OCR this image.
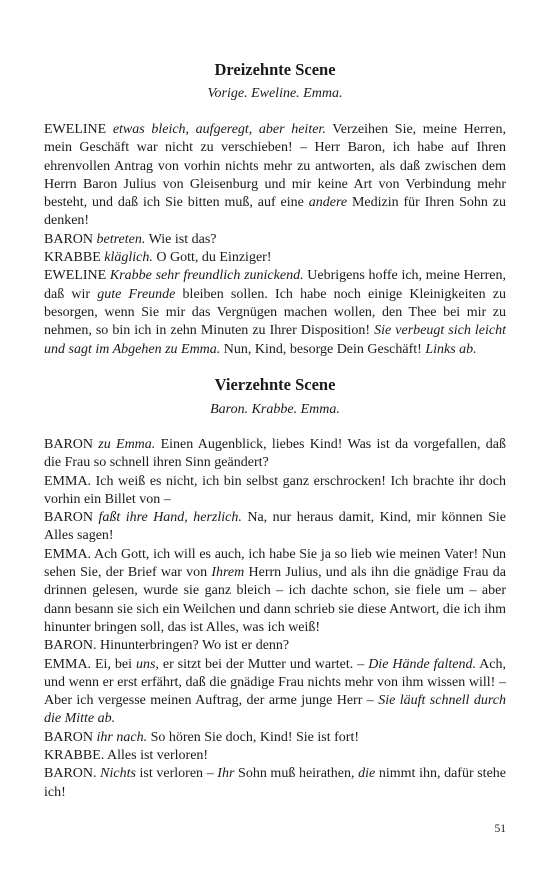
Dreizehnte Scene
Vorige. Eweline. Emma.

EWELINE etwas bleich, aufgeregt, aber heiter. Verzeihen Sie, meine Herren, mein Geschäft war nicht zu verschieben! – Herr Baron, ich habe auf Ihren ehrenvollen Antrag von vorhin nichts mehr zu antworten, als daß zwischen dem Herrn Baron Julius von Gleisenburg und mir keine Art von Verbindung mehr besteht, und daß ich Sie bitten muß, auf eine andere Medizin für Ihren Sohn zu denken!

BARON betreten. Wie ist das?

KRABBE kläglich. O Gott, du Einziger!

EWELINE Krabbe sehr freundlich zunickend. Uebrigens hoffe ich, meine Herren, daß wir gute Freunde bleiben sollen. Ich habe noch einige Kleinigkeiten zu besorgen, wenn Sie mir das Vergnügen machen wollen, den Thee bei mir zu nehmen, so bin ich in zehn Minuten zu Ihrer Disposition! Sie verbeugt sich leicht und sagt im Abgehen zu Emma. Nun, Kind, besorge Dein Geschäft! Links ab.

Vierzehnte Scene
Baron. Krabbe. Emma.

BARON zu Emma. Einen Augenblick, liebes Kind! Was ist da vorgefallen, daß die Frau so schnell ihren Sinn geändert?

EMMA. Ich weiß es nicht, ich bin selbst ganz erschrocken! Ich brachte ihr doch vorhin ein Billet von –

BARON faßt ihre Hand, herzlich. Na, nur heraus damit, Kind, mir können Sie Alles sagen!

EMMA. Ach Gott, ich will es auch, ich habe Sie ja so lieb wie meinen Vater! Nun sehen Sie, der Brief war von Ihrem Herrn Julius, und als ihn die gnädige Frau da drinnen gelesen, wurde sie ganz bleich – ich dachte schon, sie fiele um – aber dann besann sie sich ein Weilchen und dann schrieb sie diese Antwort, die ich ihm hinunter bringen soll, das ist Alles, was ich weiß!

BARON. Hinunterbringen? Wo ist er denn?

EMMA. Ei, bei uns, er sitzt bei der Mutter und wartet. – Die Hände faltend. Ach, und wenn er erst erfährt, daß die gnädige Frau nichts mehr von ihm wissen will! – Aber ich vergesse meinen Auftrag, der arme junge Herr – Sie läuft schnell durch die Mitte ab.

BARON ihr nach. So hören Sie doch, Kind! Sie ist fort!

KRABBE. Alles ist verloren!

BARON. Nichts ist verloren – Ihr Sohn muß heirathen, die nimmt ihn, dafür stehe ich!

51
